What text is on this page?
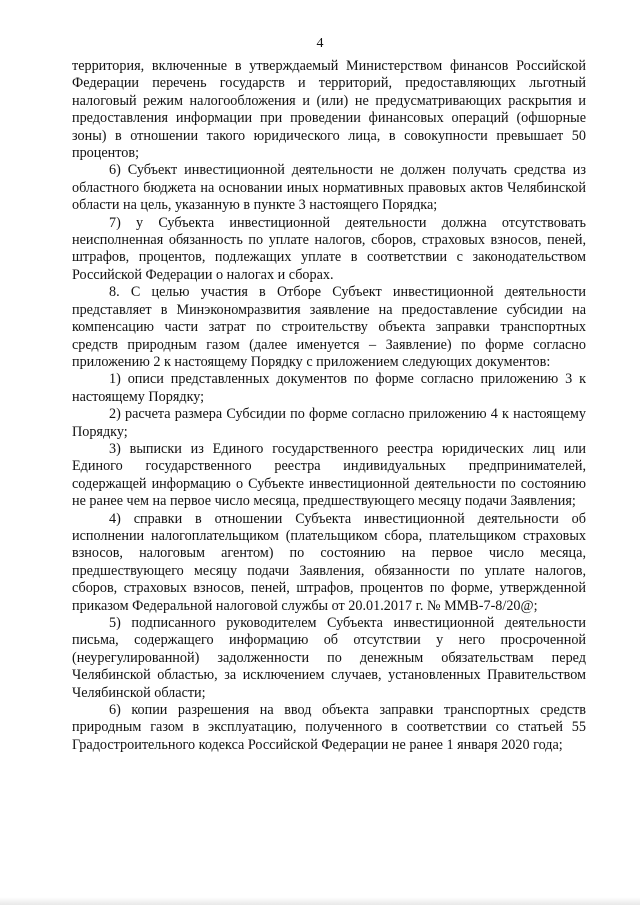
4

территория, включенные в утверждаемый Министерством финансов Российской Федерации перечень государств и территорий, предоставляющих льготный налоговый режим налогообложения и (или) не предусматривающих раскрытия и предоставления информации при проведении финансовых операций (офшорные зоны) в отношении такого юридического лица, в совокупности превышает 50 процентов;

6) Субъект инвестиционной деятельности не должен получать средства из областного бюджета на основании иных нормативных правовых актов Челябинской области на цель, указанную в пункте 3 настоящего Порядка;

7) у Субъекта инвестиционной деятельности должна отсутствовать неисполненная обязанность по уплате налогов, сборов, страховых взносов, пеней, штрафов, процентов, подлежащих уплате в соответствии с законодательством Российской Федерации о налогах и сборах.

8. С целью участия в Отборе Субъект инвестиционной деятельности представляет в Минэкономразвития заявление на предоставление субсидии на компенсацию части затрат по строительству объекта заправки транспортных средств природным газом (далее именуется – Заявление) по форме согласно приложению 2 к настоящему Порядку с приложением следующих документов:

1) описи представленных документов по форме согласно приложению 3 к настоящему Порядку;

2) расчета размера Субсидии по форме согласно приложению 4 к настоящему Порядку;

3) выписки из Единого государственного реестра юридических лиц или Единого государственного реестра индивидуальных предпринимателей, содержащей информацию о Субъекте инвестиционной деятельности по состоянию не ранее чем на первое число месяца, предшествующего месяцу подачи Заявления;

4) справки в отношении Субъекта инвестиционной деятельности об исполнении налогоплательщиком (плательщиком сбора, плательщиком страховых взносов, налоговым агентом) по состоянию на первое число месяца, предшествующего месяцу подачи Заявления, обязанности по уплате налогов, сборов, страховых взносов, пеней, штрафов, процентов по форме, утвержденной приказом Федеральной налоговой службы от 20.01.2017 г. № ММВ-7-8/20@;

5) подписанного руководителем Субъекта инвестиционной деятельности письма, содержащего информацию об отсутствии у него просроченной (неурегулированной) задолженности по денежным обязательствам перед Челябинской областью, за исключением случаев, установленных Правительством Челябинской области;

6) копии разрешения на ввод объекта заправки транспортных средств природным газом в эксплуатацию, полученного в соответствии со статьей 55 Градостроительного кодекса Российской Федерации не ранее 1 января 2020 года;
